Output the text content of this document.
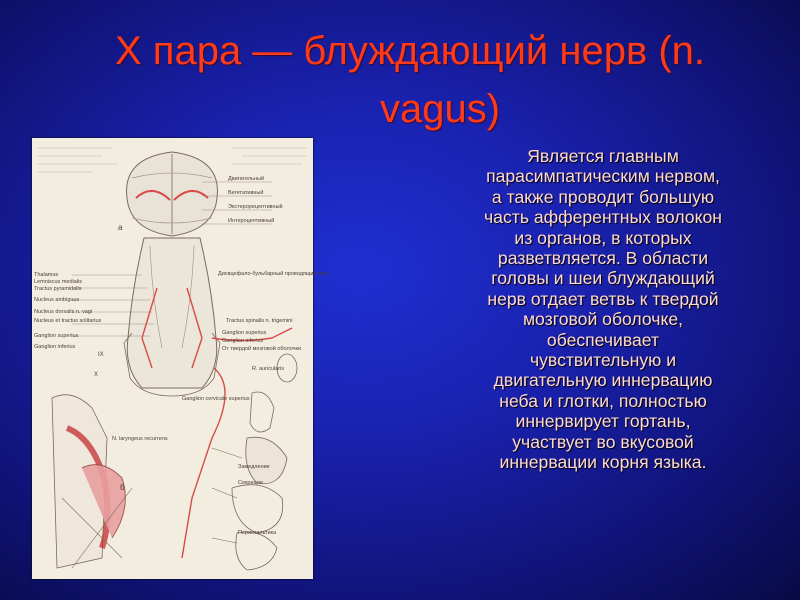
X пара — блуждающий нерв (n.
vagus)
Thalamus
Lemniscus medialis
Tractus pyramidalis
Nucleus ambiguus
Nucleus dorsalis n. vagi
Nucleus et tractus solitarius
Ganglion superius
Ganglion inferius
Двигательный
Вегетативный
Экстерорецептивный
Интероцептивный
Дисвцефало-бульбарный проводящий путь
Tractus spinalis n. trigemini
Ganglion superius
Ganglion inferius
От твердой мозговой оболочки
R. auricularis
Ganglion cervicale superius
N. laryngeus recurrens
Замедление
Секреция
Перистальтика
а
б
IX
X
Является главным
парасимпатическим нервом,
а также проводит большую
часть афферентных волокон
из органов, в которых
разветвляется. В области
головы и шеи блуждающий
нерв отдает ветвь к твердой
мозговой оболочке,
обеспечивает
чувствительную и
двигательную иннервацию
неба и глотки, полностью
иннервирует гортань,
участвует во вкусовой
иннервации корня языка.
